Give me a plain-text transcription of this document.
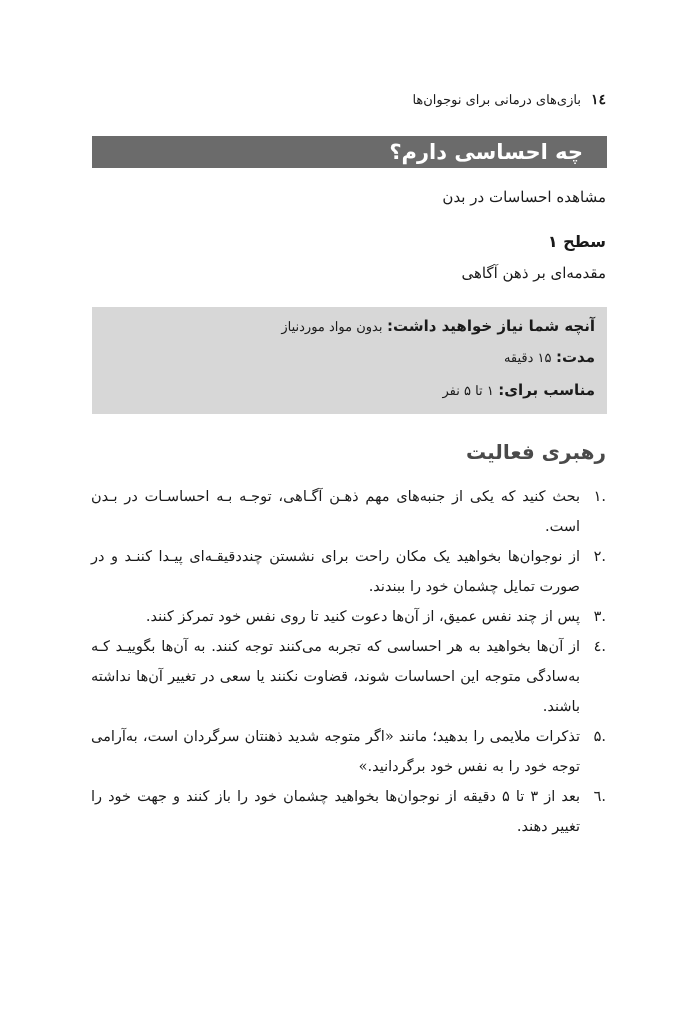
١٤
بازی‌های درمانی برای نوجوان‌ها
چه احساسی دارم؟
مشاهده احساسات در بدن
سطح ۱
مقدمه‌ای بر ذهن آگاهی
آنچه شما نیاز خواهید داشت: بدون مواد موردنیاز
مدت: ۱۵ دقیقه
مناسب برای: ۱ تا ۵ نفر
رهبری فعالیت
.۱
بحث کنید که یکی از جنبه‌های مهم ذهـن آگـاهی، توجـه بـه احساسـات در بـدن است.
.۲
از نوجوان‌ها بخواهید یک مکان راحت برای نشستن چنددقیقـه‌ای پیـدا کننـد و در صورت تمایل چشمان خود را ببندند.
.۳
پس از چند نفس عمیق، از آن‌ها دعوت کنید تا روی نفس خود تمرکز کنند.
.٤
از آن‌ها بخواهید به هر احساسی که تجربه می‌کنند توجه کنند. به آن‌ها بگوییـد کـه به‌سادگی متوجه این احساسات شوند، قضاوت نکنند یا سعی در تغییر آن‌ها نداشته باشند.
.۵
تذکرات ملایمی را بدهید؛ مانند «اگر متوجه شدید ذهنتان سرگردان است، به‌آرامی توجه خود را به نفس خود برگردانید.»
.٦
بعد از ۳ تا ۵ دقیقه از نوجوان‌ها بخواهید چشمان خود را باز کنند و جهت خود را تغییر دهند.
